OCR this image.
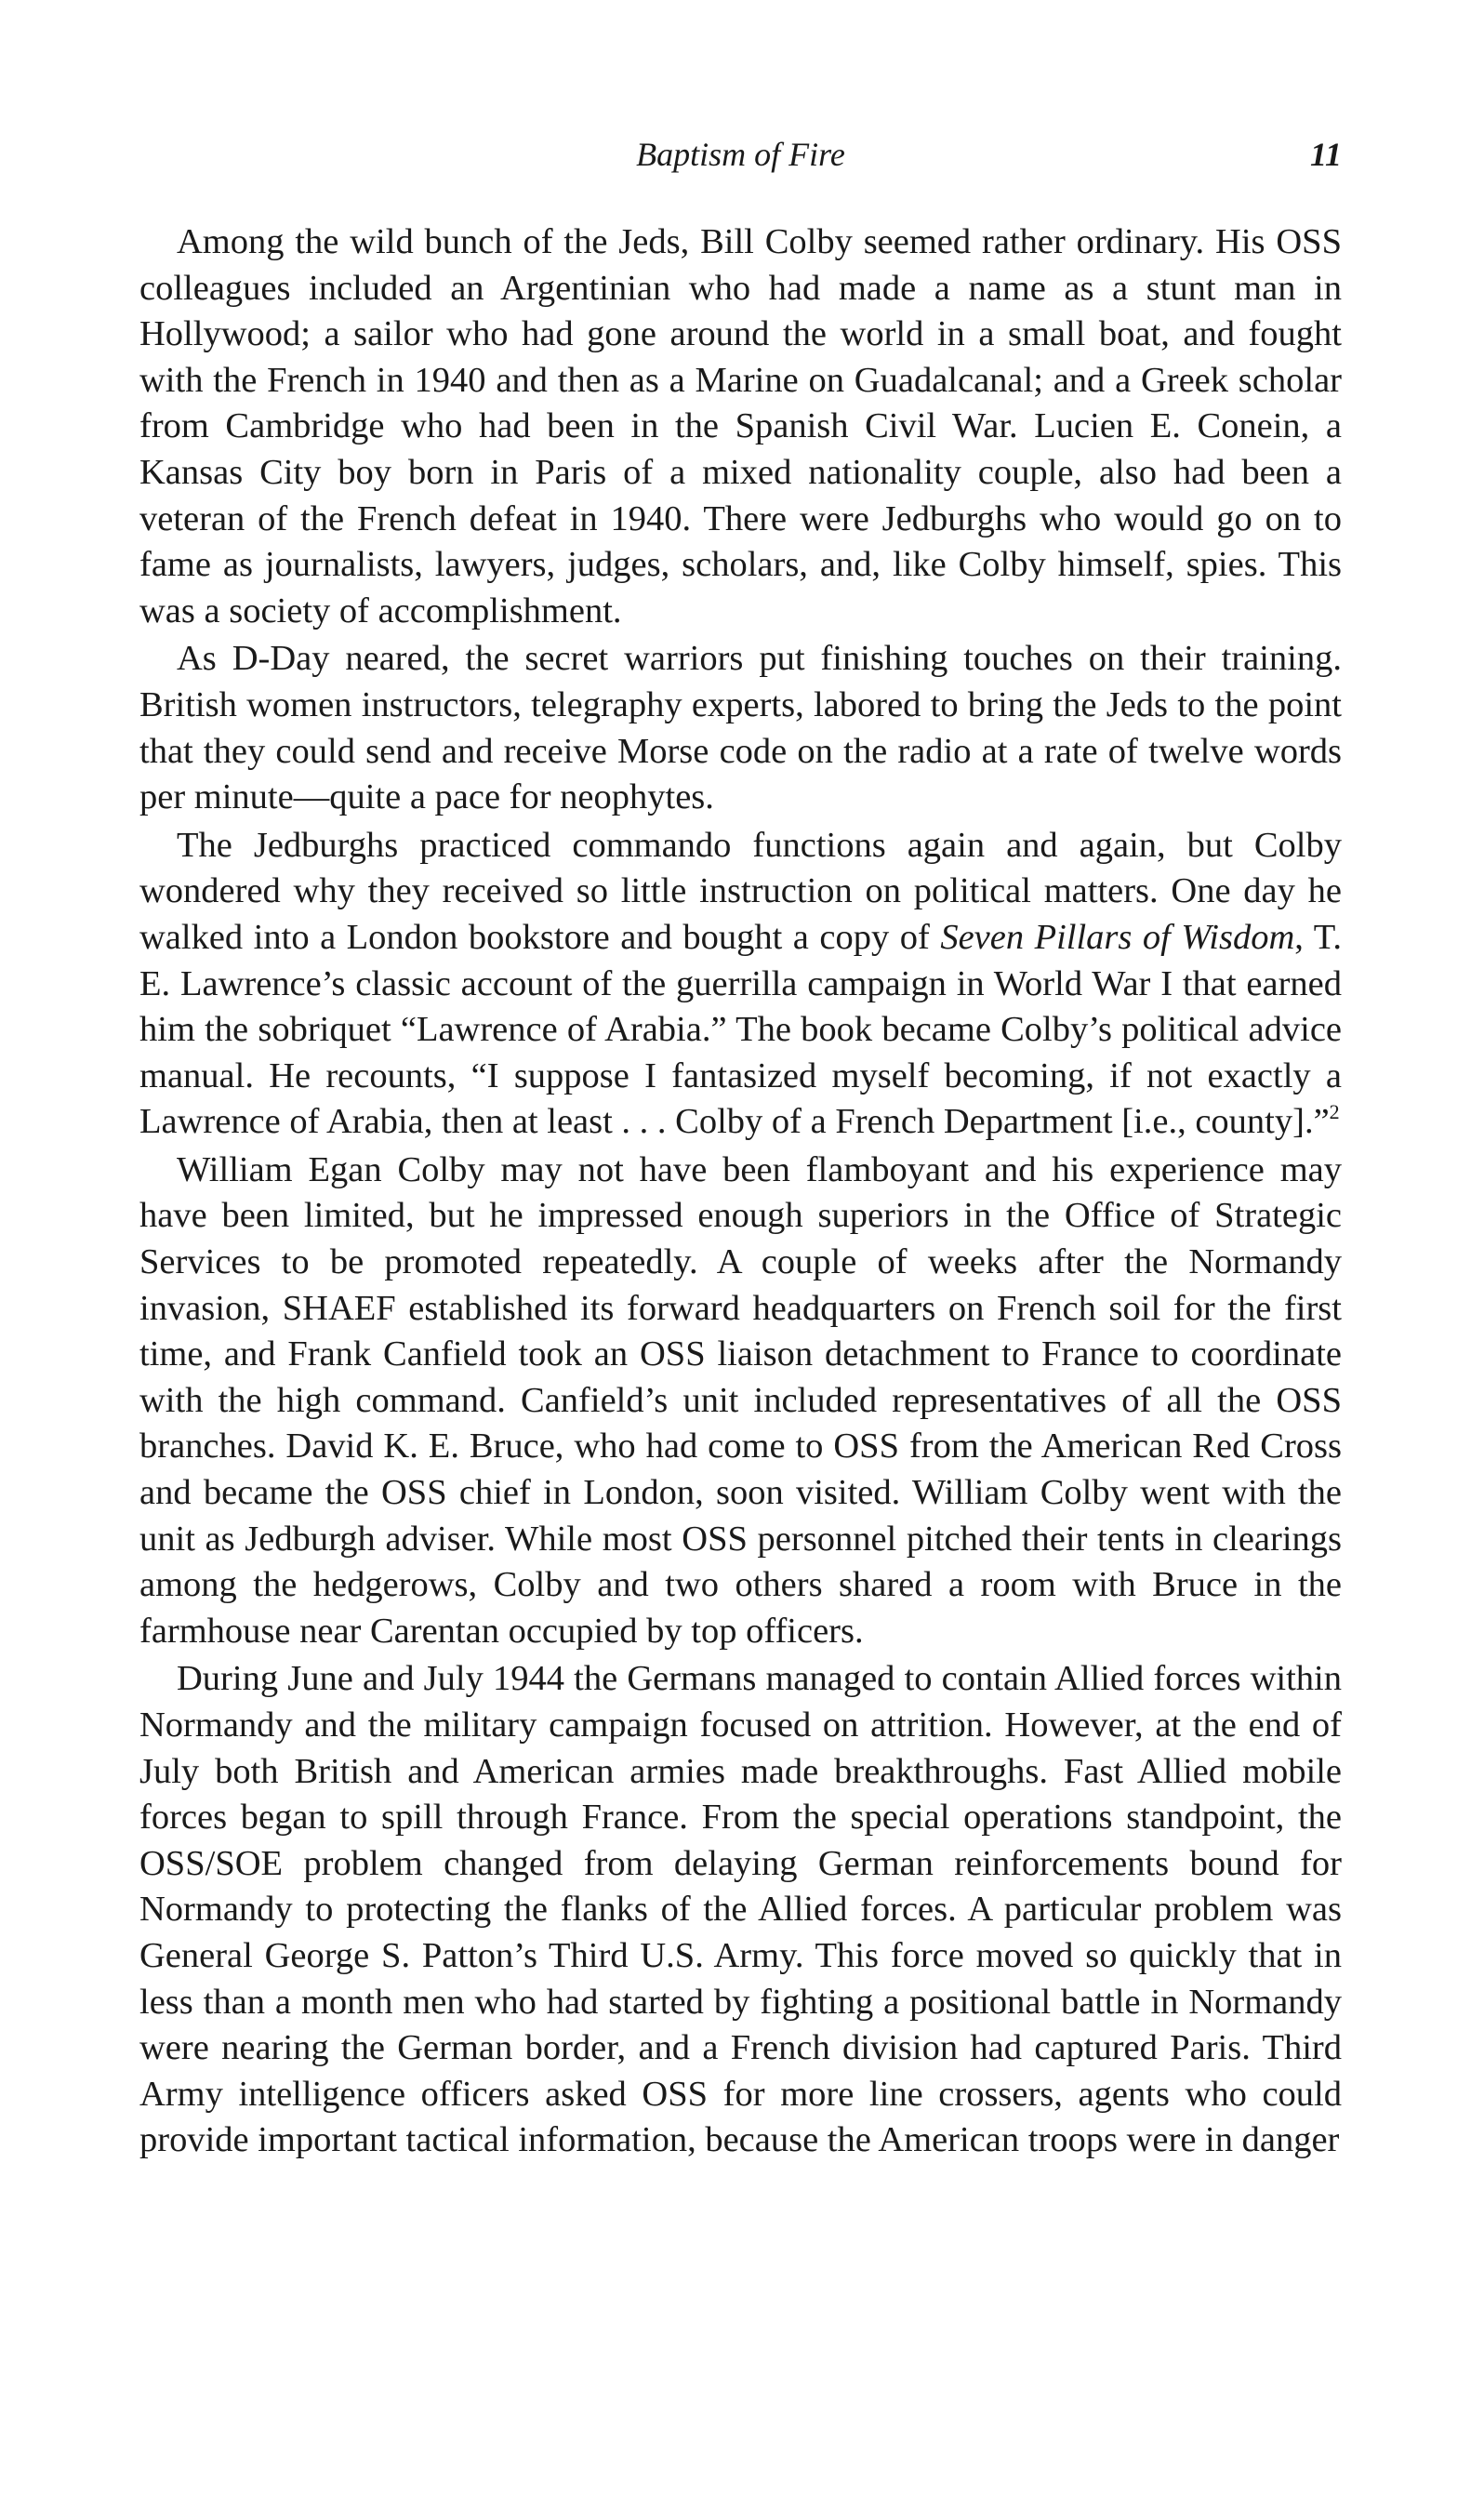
Baptism of Fire	11

Among the wild bunch of the Jeds, Bill Colby seemed rather ordinary. His OSS colleagues included an Argentinian who had made a name as a stunt man in Hollywood; a sailor who had gone around the world in a small boat, and fought with the French in 1940 and then as a Marine on Guadalcanal; and a Greek scholar from Cambridge who had been in the Spanish Civil War. Lucien E. Conein, a Kansas City boy born in Paris of a mixed nationality couple, also had been a veteran of the French defeat in 1940. There were Jedburghs who would go on to fame as journalists, lawyers, judges, scholars, and, like Colby himself, spies. This was a society of accomplishment.

As D-Day neared, the secret warriors put finishing touches on their training. British women instructors, telegraphy experts, labored to bring the Jeds to the point that they could send and receive Morse code on the radio at a rate of twelve words per minute—quite a pace for neophytes.

The Jedburghs practiced commando functions again and again, but Colby wondered why they received so little instruction on political matters. One day he walked into a London bookstore and bought a copy of Seven Pillars of Wisdom, T. E. Lawrence’s classic account of the guerrilla campaign in World War I that earned him the sobriquet “Lawrence of Arabia.” The book became Colby’s political advice manual. He recounts, “I suppose I fantasized myself becoming, if not exactly a Lawrence of Arabia, then at least . . . Colby of a French Department [i.e., county].”$^2$

William Egan Colby may not have been flamboyant and his experience may have been limited, but he impressed enough superiors in the Office of Strategic Services to be promoted repeatedly. A couple of weeks after the Normandy invasion, SHAEF established its forward headquarters on French soil for the first time, and Frank Canfield took an OSS liaison detachment to France to coordinate with the high command. Canfield’s unit included representatives of all the OSS branches. David K. E. Bruce, who had come to OSS from the American Red Cross and became the OSS chief in London, soon visited. William Colby went with the unit as Jedburgh adviser. While most OSS personnel pitched their tents in clearings among the hedgerows, Colby and two others shared a room with Bruce in the farmhouse near Carentan occupied by top officers.

During June and July 1944 the Germans managed to contain Allied forces within Normandy and the military campaign focused on attrition. However, at the end of July both British and American armies made breakthroughs. Fast Allied mobile forces began to spill through France. From the special operations standpoint, the OSS/SOE problem changed from delaying German reinforcements bound for Normandy to protecting the flanks of the Allied forces. A particular problem was General George S. Patton’s Third U.S. Army. This force moved so quickly that in less than a month men who had started by fighting a positional battle in Normandy were nearing the German border, and a French division had captured Paris. Third Army intelligence officers asked OSS for more line crossers, agents who could provide important tactical information, because the American troops were in danger
